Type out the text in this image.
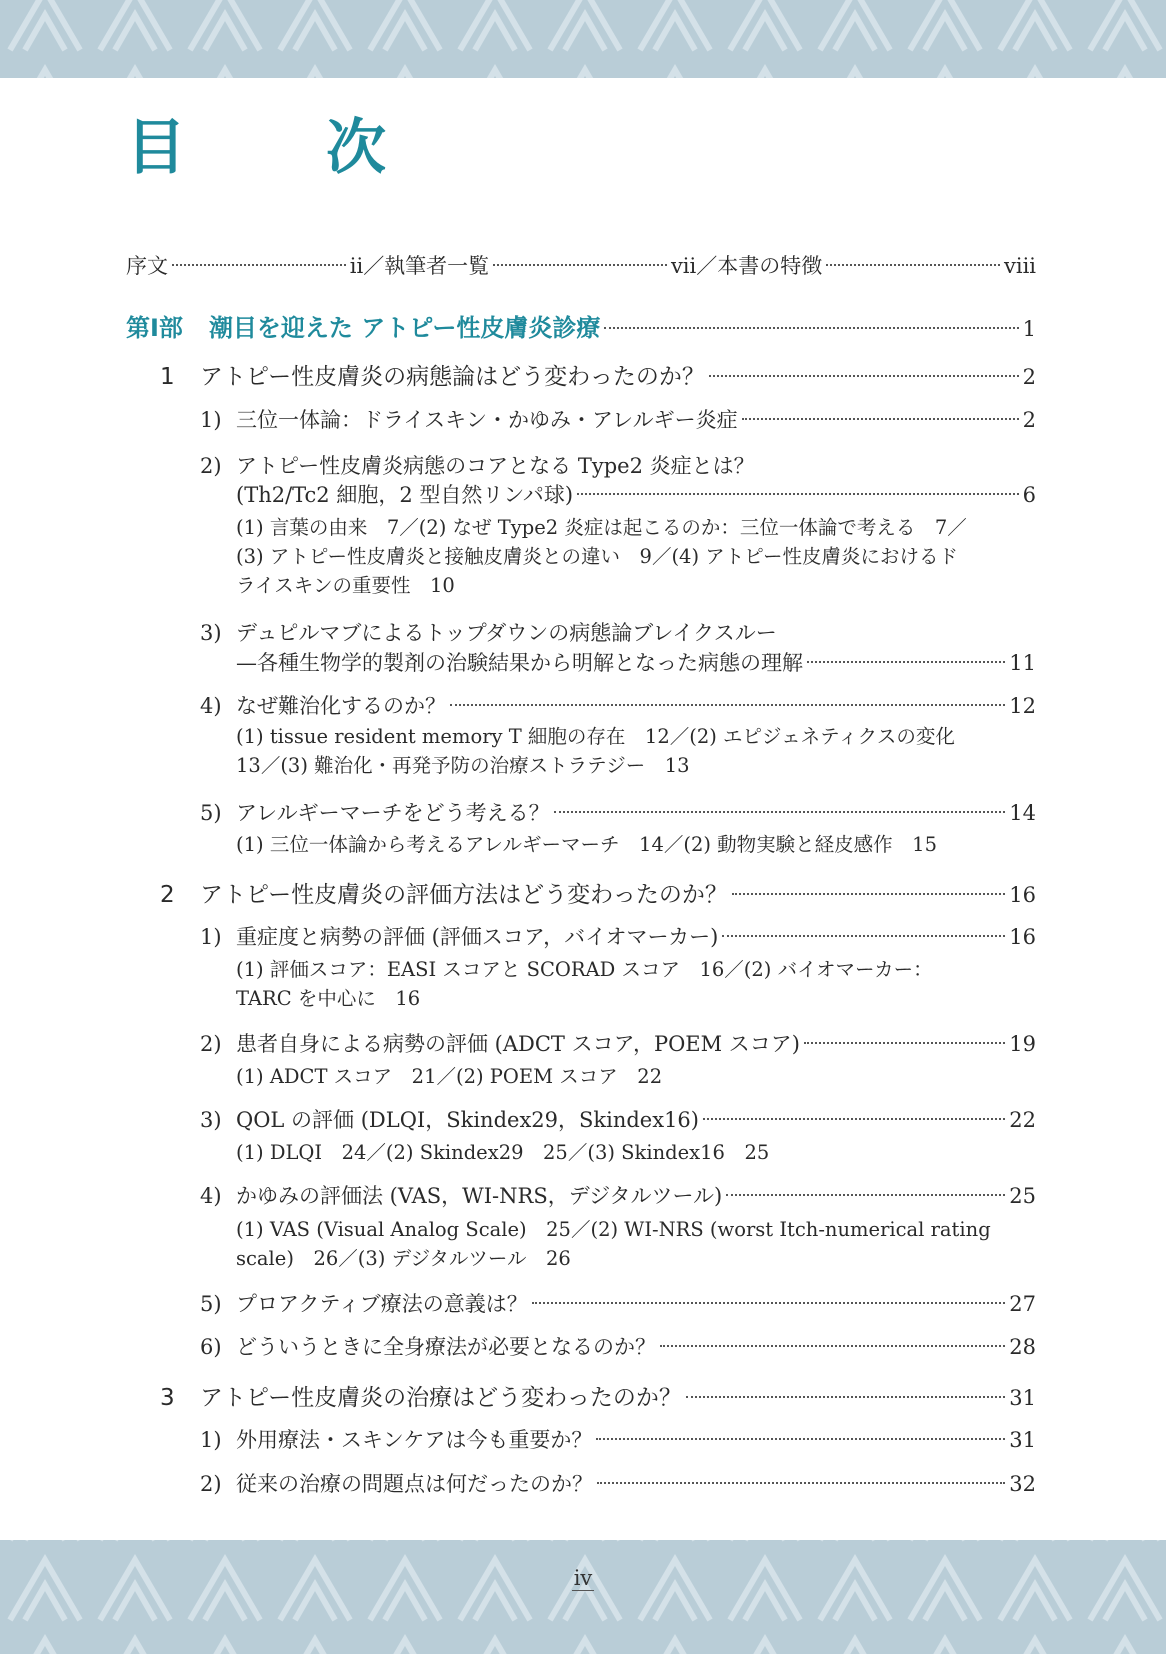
目　次
序文	ii ／ 執筆者一覧	vii ／ 本書の特徴	viii
第Ⅰ部 潮目を迎えた アトピー性皮膚炎診療	1
1	アトピー性皮膚炎の病態論はどう変わったのか？	2
1) 三位一体論：ドライスキン・かゆみ・アレルギー炎症	2
2) アトピー性皮膚炎病態のコアとなる Type2 炎症とは？
(Th2/Tc2 細胞，2 型自然リンパ球)	6

(1) 言葉の由来　7／(2) なぜ Type2 炎症は起こるのか：三位一体論で考える　7／

(3) アトピー性皮膚炎と接触皮膚炎との違い　9／(4) アトピー性皮膚炎におけるド

ライスキンの重要性　10

3) デュピルマブによるトップダウンの病態論ブレイクスルー
—各種生物学的製剤の治験結果から明解となった病態の理解	11
4) なぜ難治化するのか？	12

(1) tissue resident memory T 細胞の存在　12／(2) エピジェネティクスの変化

13／(3) 難治化・再発予防の治療ストラテジー　13

5) アレルギーマーチをどう考える？	14

(1) 三位一体論から考えるアレルギーマーチ　14／(2) 動物実験と経皮感作　15

2	アトピー性皮膚炎の評価方法はどう変わったのか？	16
1) 重症度と病勢の評価 (評価スコア，バイオマーカー)	16

(1) 評価スコア：EASI スコアと SCORAD スコア　16／(2) バイオマーカー：

TARC を中心に　16

2) 患者自身による病勢の評価 (ADCT スコア，POEM スコア)	19

(1) ADCT スコア　21／(2) POEM スコア　22

3) QOL の評価 (DLQI，Skindex29，Skindex16)	22

(1) DLQI　24／(2) Skindex29　25／(3) Skindex16　25

4) かゆみの評価法 (VAS，WI-NRS，デジタルツール)	25

(1) VAS (Visual Analog Scale)　25／(2) WI-NRS (worst Itch-numerical rating

scale)　26／(3) デジタルツール　26

5) プロアクティブ療法の意義は？	27
6) どういうときに全身療法が必要となるのか？	28
3	アトピー性皮膚炎の治療はどう変わったのか？	31
1) 外用療法・スキンケアは今も重要か？	31
2) 従来の治療の問題点は何だったのか？	32
iv
